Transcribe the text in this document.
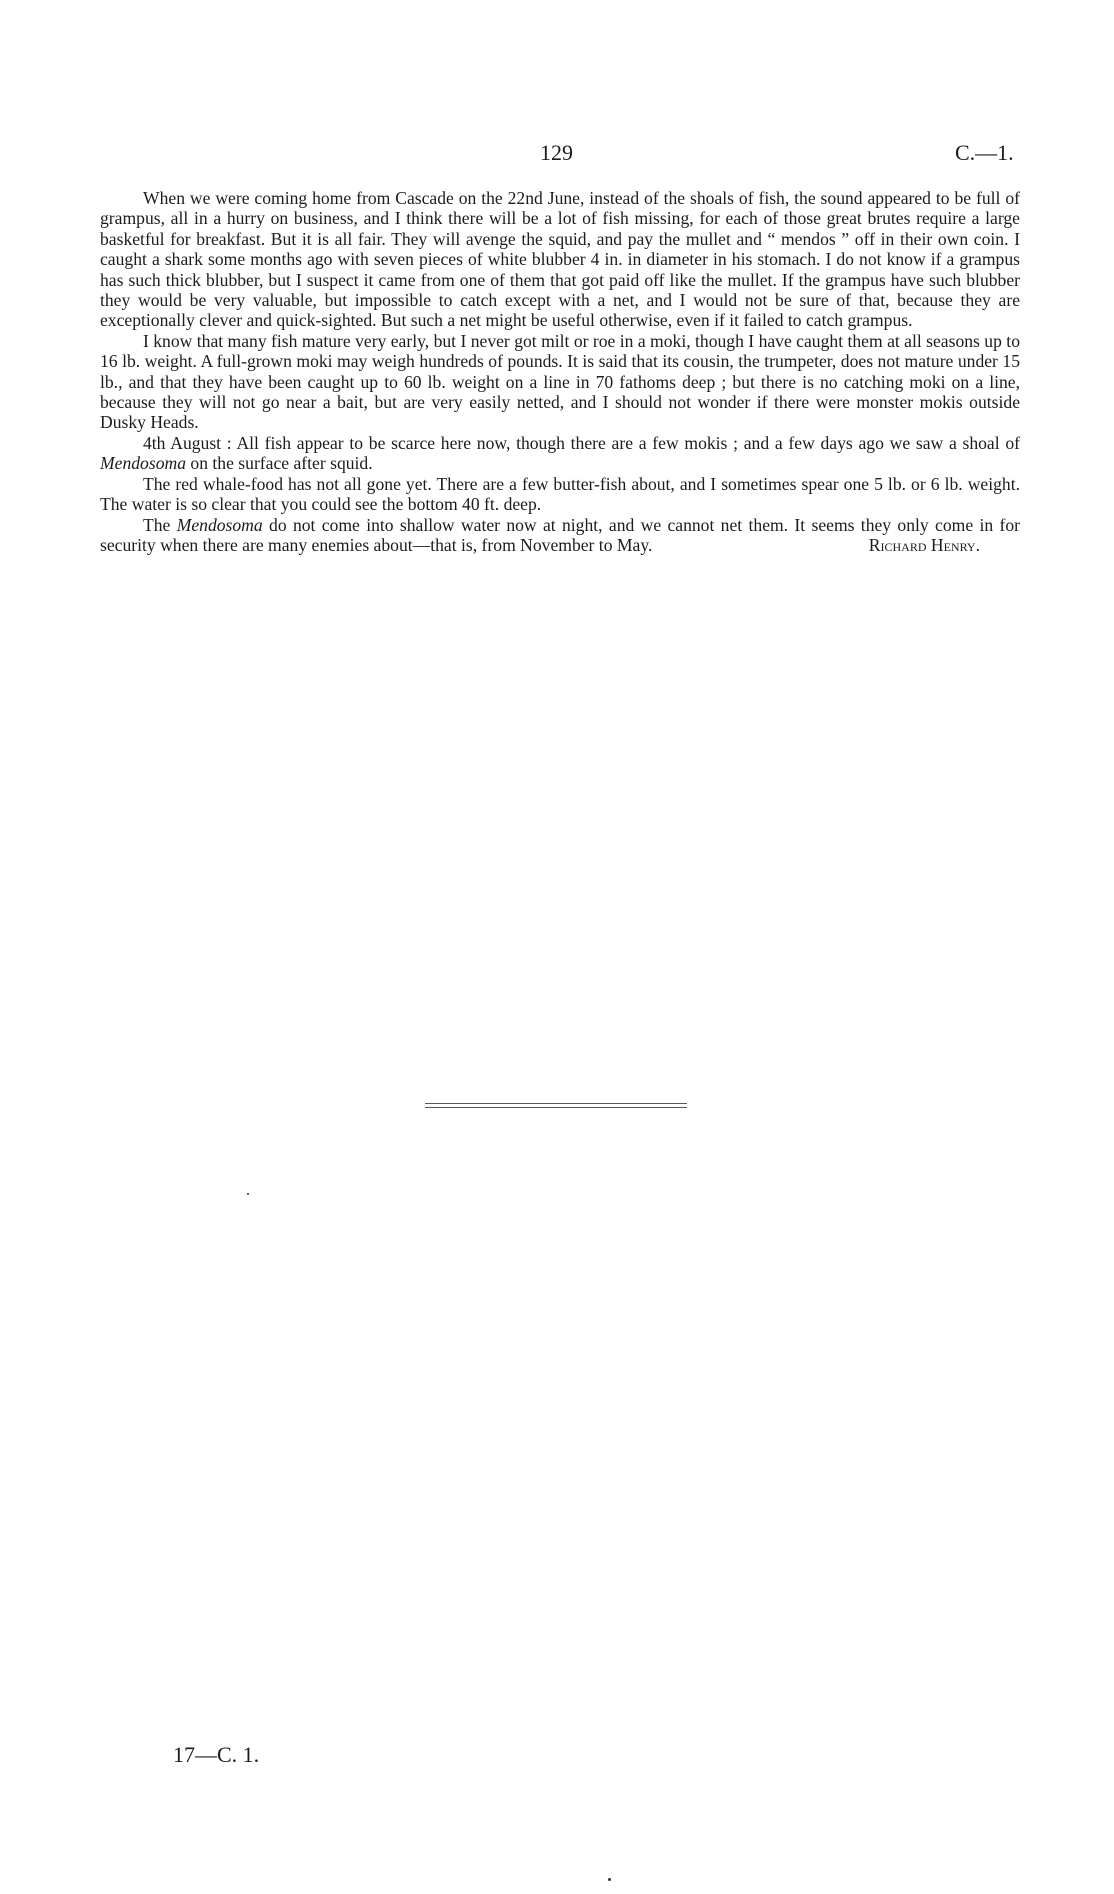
129	C.—1.

When we were coming home from Cascade on the 22nd June, instead of the shoals of fish, the sound appeared to be full of grampus, all in a hurry on business, and I think there will be a lot of fish missing, for each of those great brutes require a large basketful for breakfast. But it is all fair. They will avenge the squid, and pay the mullet and “ mendos ” off in their own coin. I caught a shark some months ago with seven pieces of white blubber 4 in. in diameter in his stomach. I do not know if a grampus has such thick blubber, but I suspect it came from one of them that got paid off like the mullet. If the grampus have such blubber they would be very valuable, but impossible to catch except with a net, and I would not be sure of that, because they are exceptionally clever and quick-sighted. But such a net might be useful otherwise, even if it failed to catch grampus.

I know that many fish mature very early, but I never got milt or roe in a moki, though I have caught them at all seasons up to 16 lb. weight. A full-grown moki may weigh hundreds of pounds. It is said that its cousin, the trumpeter, does not mature under 15 lb., and that they have been caught up to 60 lb. weight on a line in 70 fathoms deep ; but there is no catching moki on a line, because they will not go near a bait, but are very easily netted, and I should not wonder if there were monster mokis outside Dusky Heads.

4th August : All fish appear to be scarce here now, though there are a few mokis ; and a few days ago we saw a shoal of Mendosoma on the surface after squid.

The red whale-food has not all gone yet. There are a few butter-fish about, and I sometimes spear one 5 lb. or 6 lb. weight. The water is so clear that you could see the bottom 40 ft. deep.

The Mendosoma do not come into shallow water now at night, and we cannot net them. It seems they only come in for security when there are many enemies about—that is, from November to May.	Richard Henry.

17—C. 1.
